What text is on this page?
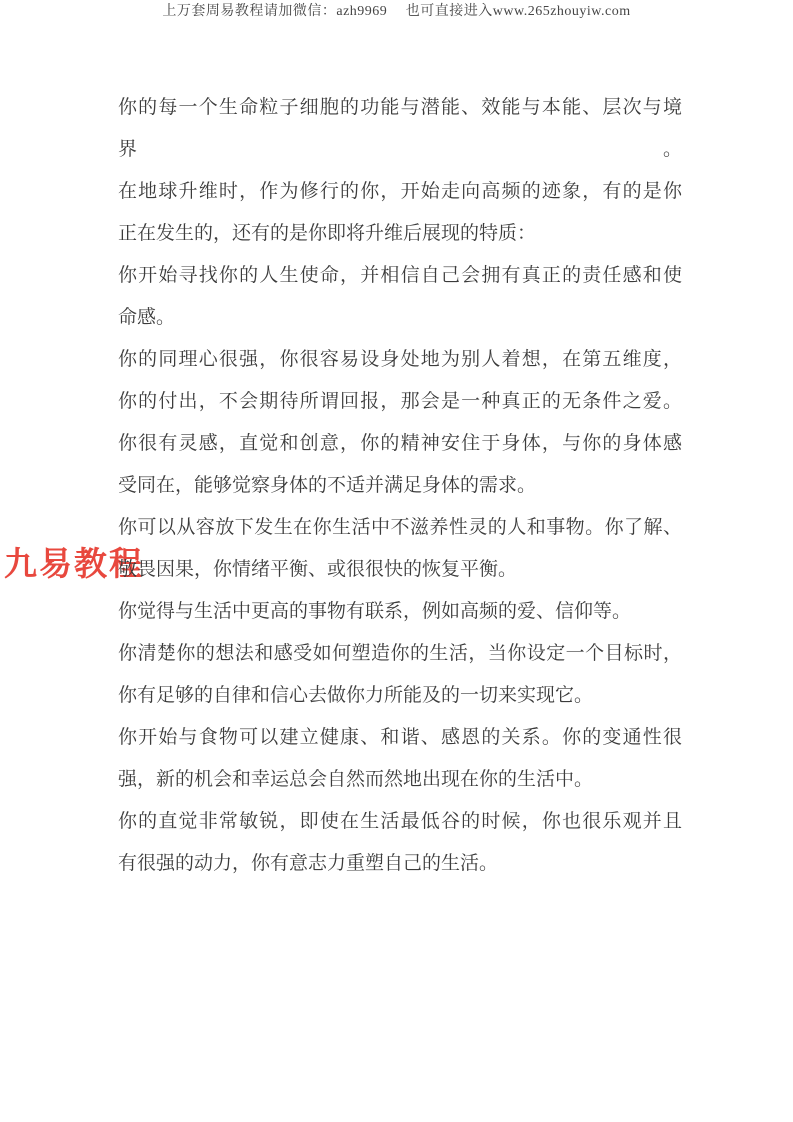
上万套周易教程请加微信：azh9969　 也可直接进入www.265zhouyiw.com
九易教程

你的每一个生命粒子细胞的功能与潜能、效能与本能、层次与境界。
在地球升维时，作为修行的你，开始走向高频的迹象，有的是你
正在发生的，还有的是你即将升维后展现的特质：

你开始寻找你的人生使命，并相信自己会拥有真正的责任感和使
命感。

你的同理心很强，你很容易设身处地为别人着想，在第五维度，
你的付出，不会期待所谓回报，那会是一种真正的无条件之爱。

你很有灵感，直觉和创意，你的精神安住于身体，与你的身体感
受同在，能够觉察身体的不适并满足身体的需求。

你可以从容放下发生在你生活中不滋养性灵的人和事物。你了解、
敬畏因果，你情绪平衡、或很很快的恢复平衡。

你觉得与生活中更高的事物有联系，例如高频的爱、信仰等。

你清楚你的想法和感受如何塑造你的生活，当你设定一个目标时，
你有足够的自律和信心去做你力所能及的一切来实现它。

你开始与食物可以建立健康、和谐、感恩的关系。你的变通性很
强，新的机会和幸运总会自然而然地出现在你的生活中。

你的直觉非常敏锐，即使在生活最低谷的时候，你也很乐观并且
有很强的动力，你有意志力重塑自己的生活。
